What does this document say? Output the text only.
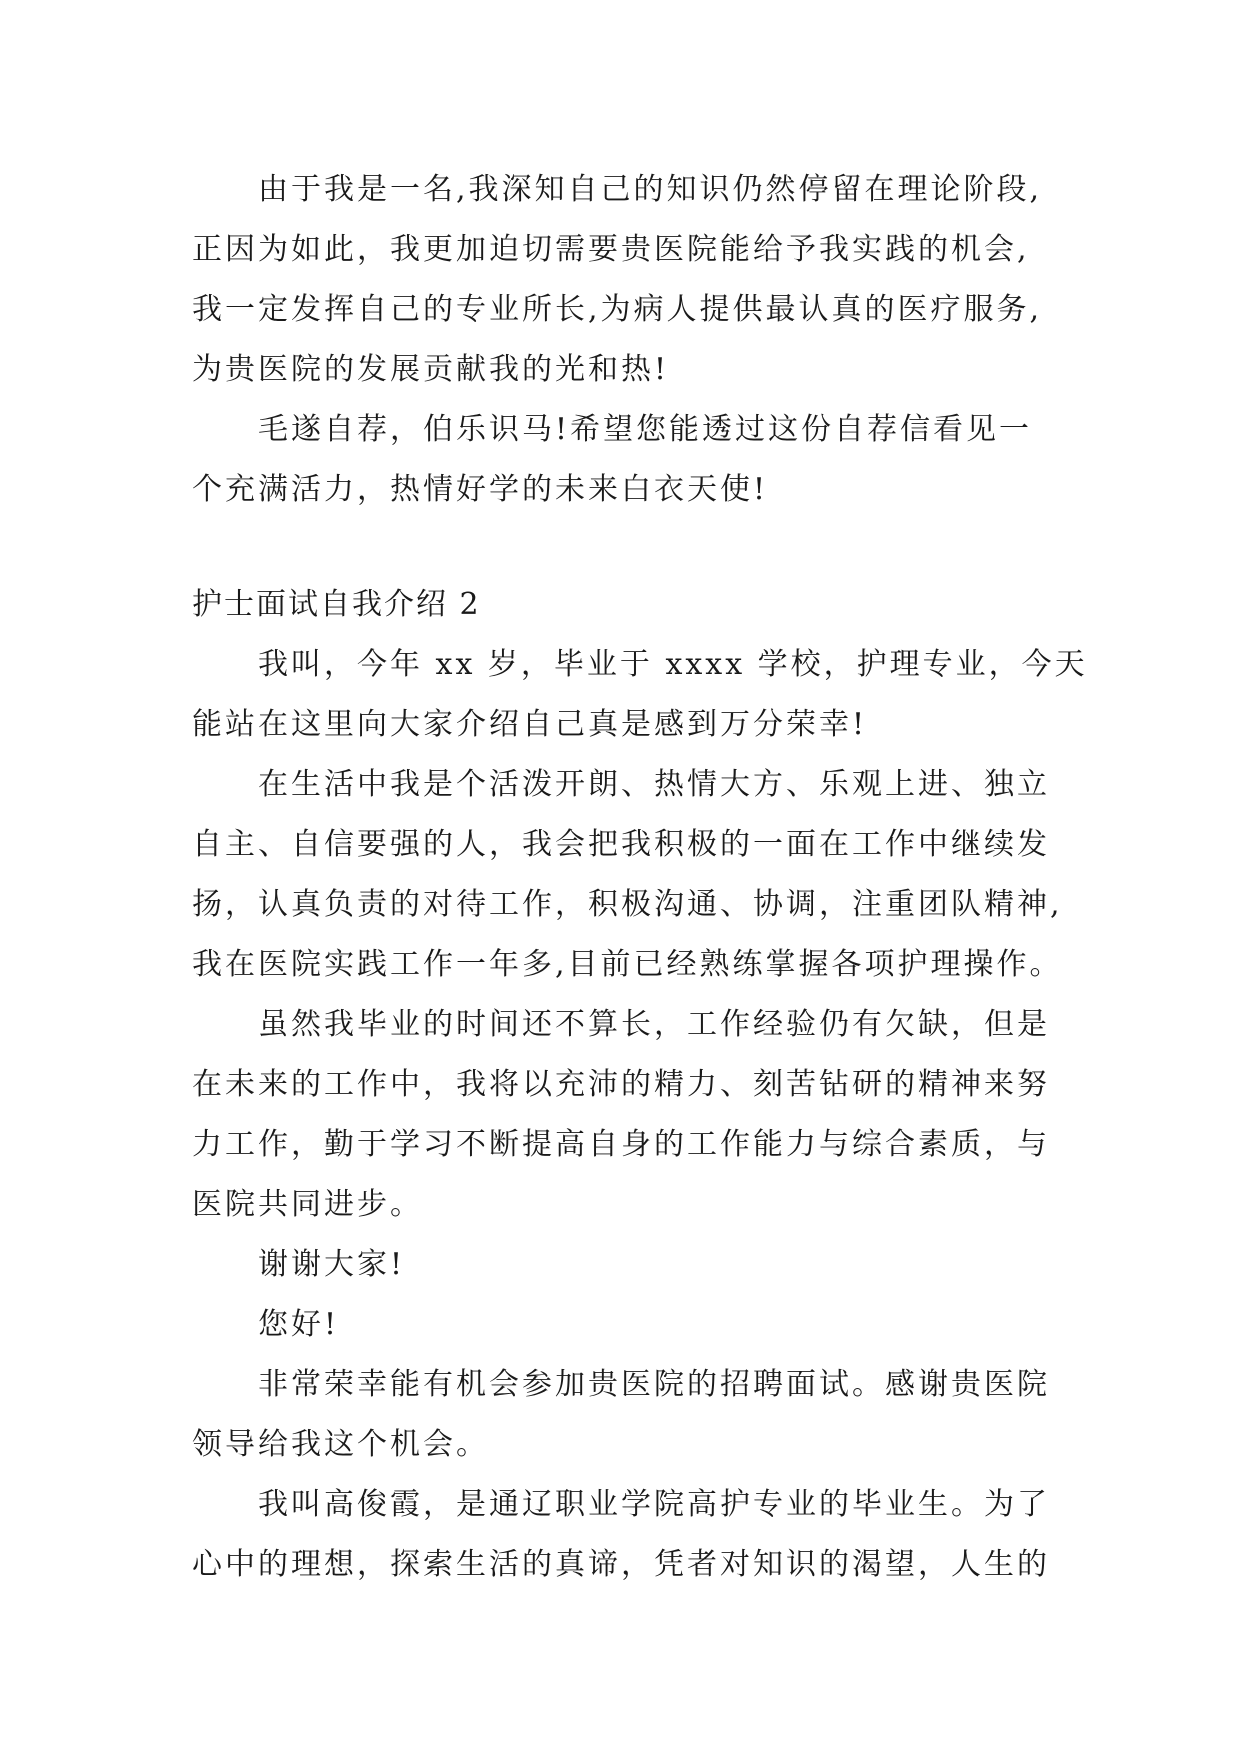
由于我是一名,我深知自己的知识仍然停留在理论阶段,
正因为如此，我更加迫切需要贵医院能给予我实践的机会,
我一定发挥自己的专业所长,为病人提供最认真的医疗服务,
为贵医院的发展贡献我的光和热!
毛遂自荐，伯乐识马!希望您能透过这份自荐信看见一
个充满活力，热情好学的未来白衣天使!
护士面试自我介绍 2
我叫，今年 xx 岁，毕业于 xxxx 学校，护理专业，今天
能站在这里向大家介绍自己真是感到万分荣幸!
在生活中我是个活泼开朗、热情大方、乐观上进、独立
自主、自信要强的人，我会把我积极的一面在工作中继续发
扬，认真负责的对待工作，积极沟通、协调，注重团队精神,
我在医院实践工作一年多,目前已经熟练掌握各项护理操作。
虽然我毕业的时间还不算长，工作经验仍有欠缺，但是
在未来的工作中，我将以充沛的精力、刻苦钻研的精神来努
力工作，勤于学习不断提高自身的工作能力与综合素质，与
医院共同进步。
谢谢大家!
您好!
非常荣幸能有机会参加贵医院的招聘面试。感谢贵医院
领导给我这个机会。
我叫高俊霞，是通辽职业学院高护专业的毕业生。为了
心中的理想，探索生活的真谛，凭者对知识的渴望，人生的
